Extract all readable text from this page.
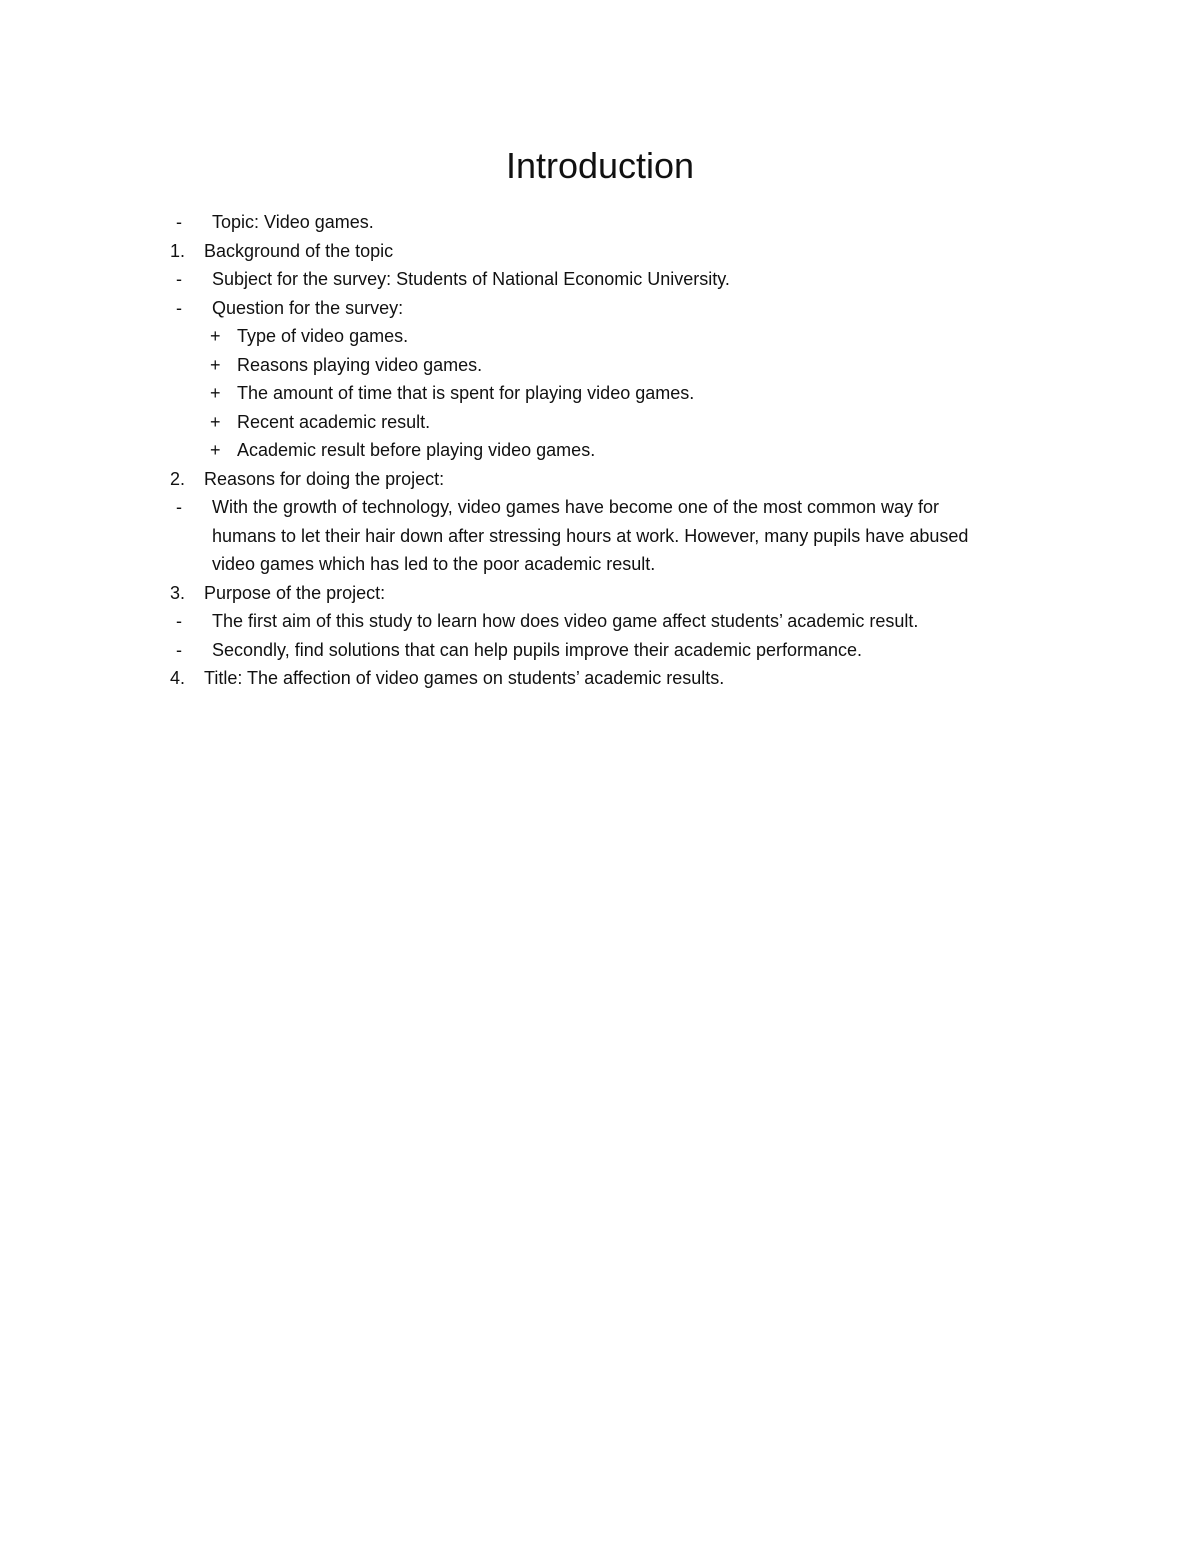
Introduction
- Topic: Video games.
1. Background of the topic
- Subject for the survey: Students of National Economic University.
- Question for the survey:
+ Type of video games.
+ Reasons playing video games.
+ The amount of time that is spent for playing video games.
+ Recent academic result.
+ Academic result before playing video games.
2. Reasons for doing the project:
- With the growth of technology, video games have become one of the most common way for
humans to let their hair down after stressing hours at work. However, many pupils have abused
video games which has led to the poor academic result.
3. Purpose of the project:
- The first aim of this study to learn how does video game affect students’ academic result.
- Secondly, find solutions that can help pupils improve their academic performance.
4. Title: The affection of video games on students’ academic results.
